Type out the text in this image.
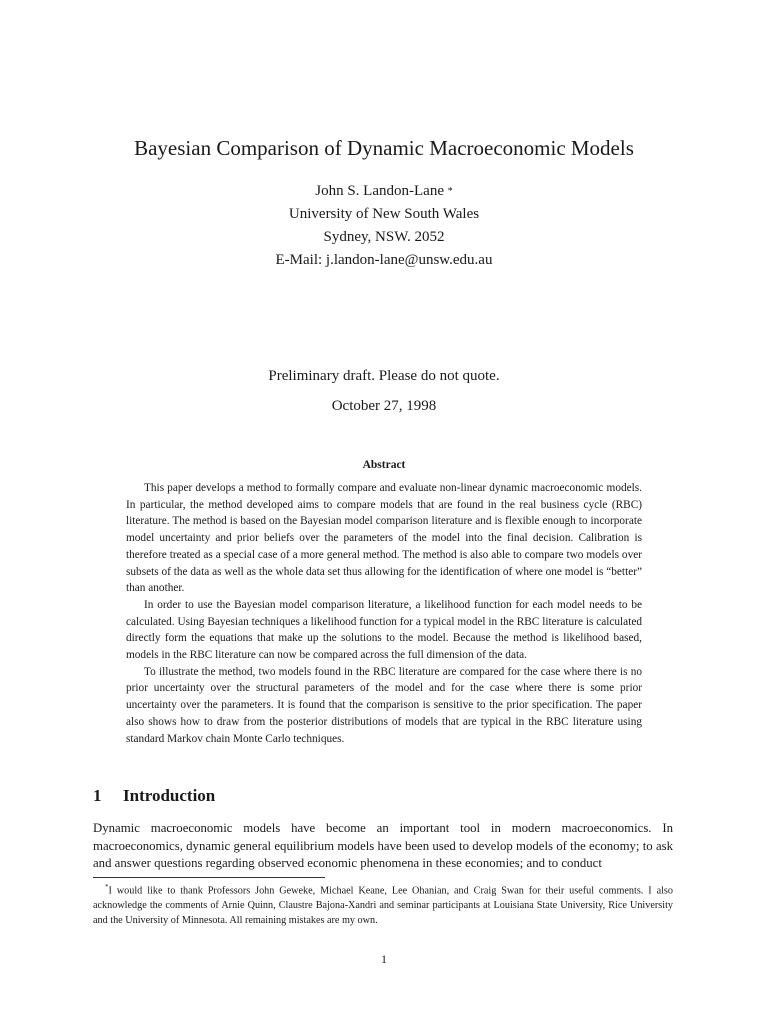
Bayesian Comparison of Dynamic Macroeconomic Models
John S. Landon-Lane *
University of New South Wales
Sydney, NSW. 2052
E-Mail: j.landon-lane@unsw.edu.au
Preliminary draft. Please do not quote.
October 27, 1998
Abstract

This paper develops a method to formally compare and evaluate non-linear dynamic macroeconomic models. In particular, the method developed aims to compare models that are found in the real business cycle (RBC) literature. The method is based on the Bayesian model comparison literature and is flexible enough to incorporate model uncertainty and prior beliefs over the parameters of the model into the final decision. Calibration is therefore treated as a special case of a more general method. The method is also able to compare two models over subsets of the data as well as the whole data set thus allowing for the identification of where one model is “better” than another.

In order to use the Bayesian model comparison literature, a likelihood function for each model needs to be calculated. Using Bayesian techniques a likelihood function for a typical model in the RBC literature is calculated directly form the equations that make up the solutions to the model. Because the method is likelihood based, models in the RBC literature can now be compared across the full dimension of the data.

To illustrate the method, two models found in the RBC literature are compared for the case where there is no prior uncertainty over the structural parameters of the model and for the case where there is some prior uncertainty over the parameters. It is found that the comparison is sensitive to the prior specification. The paper also shows how to draw from the posterior distributions of models that are typical in the RBC literature using standard Markov chain Monte Carlo techniques.

1 Introduction

Dynamic macroeconomic models have become an important tool in modern macroeconomics. In macroeconomics, dynamic general equilibrium models have been used to develop models of the economy; to ask and answer questions regarding observed economic phenomena in these economies; and to conduct

*I would like to thank Professors John Geweke, Michael Keane, Lee Ohanian, and Craig Swan for their useful comments. I also acknowledge the comments of Arnie Quinn, Claustre Bajona-Xandri and seminar participants at Louisiana State University, Rice University and the University of Minnesota. All remaining mistakes are my own.

1
